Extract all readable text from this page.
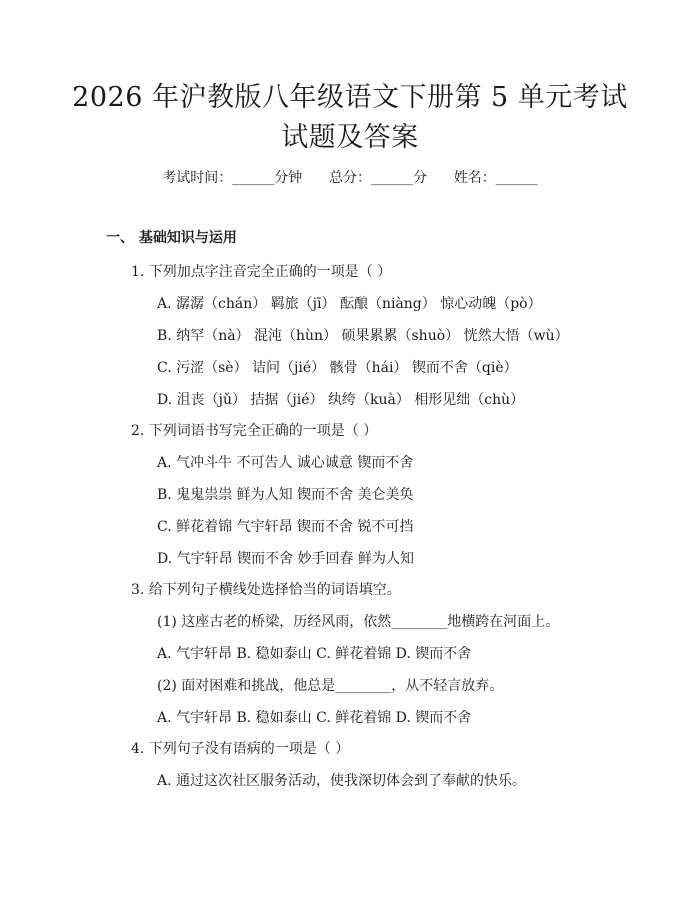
2026 年沪教版八年级语文下册第 5 单元考试
试题及答案
考试时间：______分钟      总分：______分      姓名：______
一、 基础知识与运用
1. 下列加点字注音完全正确的一项是（ ）
A. 潺潺（chán） 羁旅（jī） 酝酿（niàng） 惊心动魄（pò）
B. 纳罕（nà） 混沌（hùn） 硕果累累（shuò） 恍然大悟（wù）
C. 污涩（sè） 诘问（jié） 骸骨（hái） 锲而不舍（qiè）
D. 沮丧（jǔ） 拮据（jié） 纨绔（kuà） 相形见绌（chù）
2. 下列词语书写完全正确的一项是（ ）
A. 气冲斗牛 不可告人 诚心诚意 锲而不舍
B. 鬼鬼祟祟 鲜为人知 锲而不舍 美仑美奂
C. 鲜花着锦 气宇轩昂 锲而不舍 锐不可挡
D. 气宇轩昂 锲而不舍 妙手回春 鲜为人知
3. 给下列句子横线处选择恰当的词语填空。
(1) 这座古老的桥梁，历经风雨，依然________地横跨在河面上。
A. 气宇轩昂 B. 稳如泰山 C. 鲜花着锦 D. 锲而不舍
(2) 面对困难和挑战，他总是________，从不轻言放弃。
A. 气宇轩昂 B. 稳如泰山 C. 鲜花着锦 D. 锲而不舍
4. 下列句子没有语病的一项是（ ）
A. 通过这次社区服务活动，使我深切体会到了奉献的快乐。
